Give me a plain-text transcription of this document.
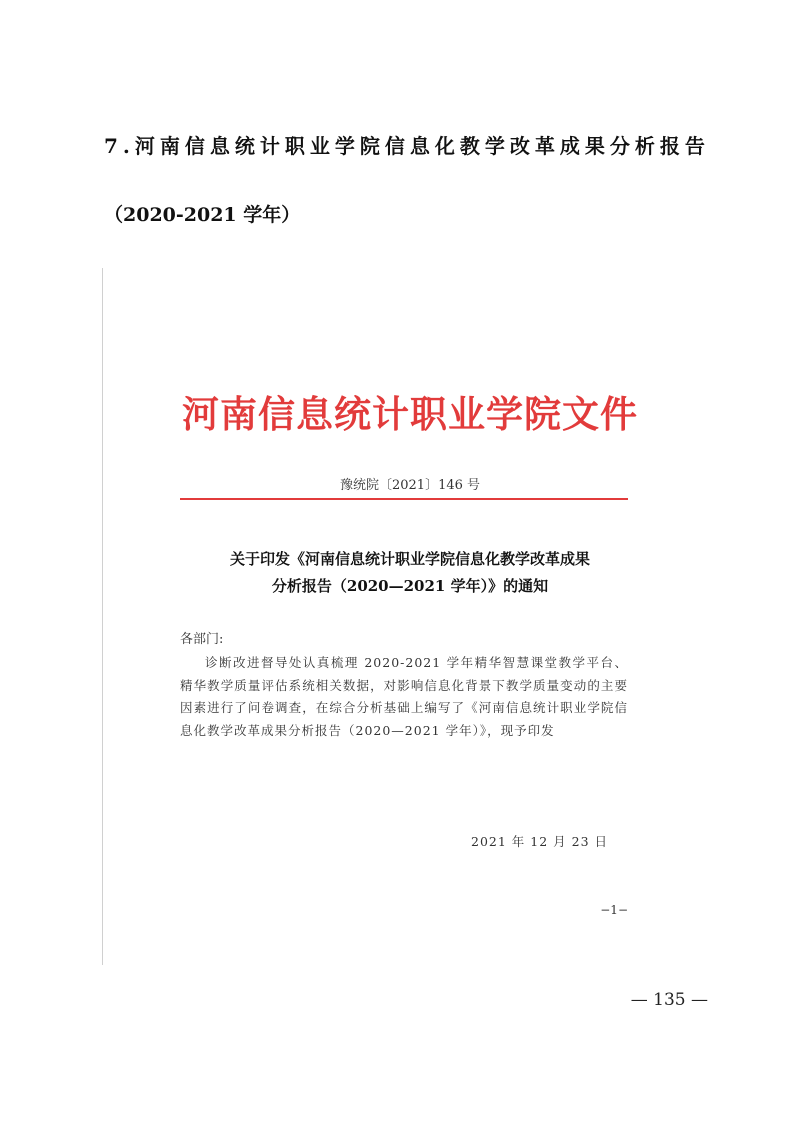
7.河南信息统计职业学院信息化教学改革成果分析报告
（2020-2021 学年）
河南信息统计职业学院文件
豫统院〔2021〕146 号
关于印发《河南信息统计职业学院信息化教学改革成果
分析报告（2020—2021 学年）》的通知
各部门:
诊断改进督导处认真梳理 2020-2021 学年精华智慧课堂教学平台、精华教学质量评估系统相关数据，对影响信息化背景下教学质量变动的主要因素进行了问卷调查，在综合分析基础上编写了《河南信息统计职业学院信息化教学改革成果分析报告（2020—2021 学年）》，现予印发
2021 年 12 月 23 日
−1−
— 135 —
